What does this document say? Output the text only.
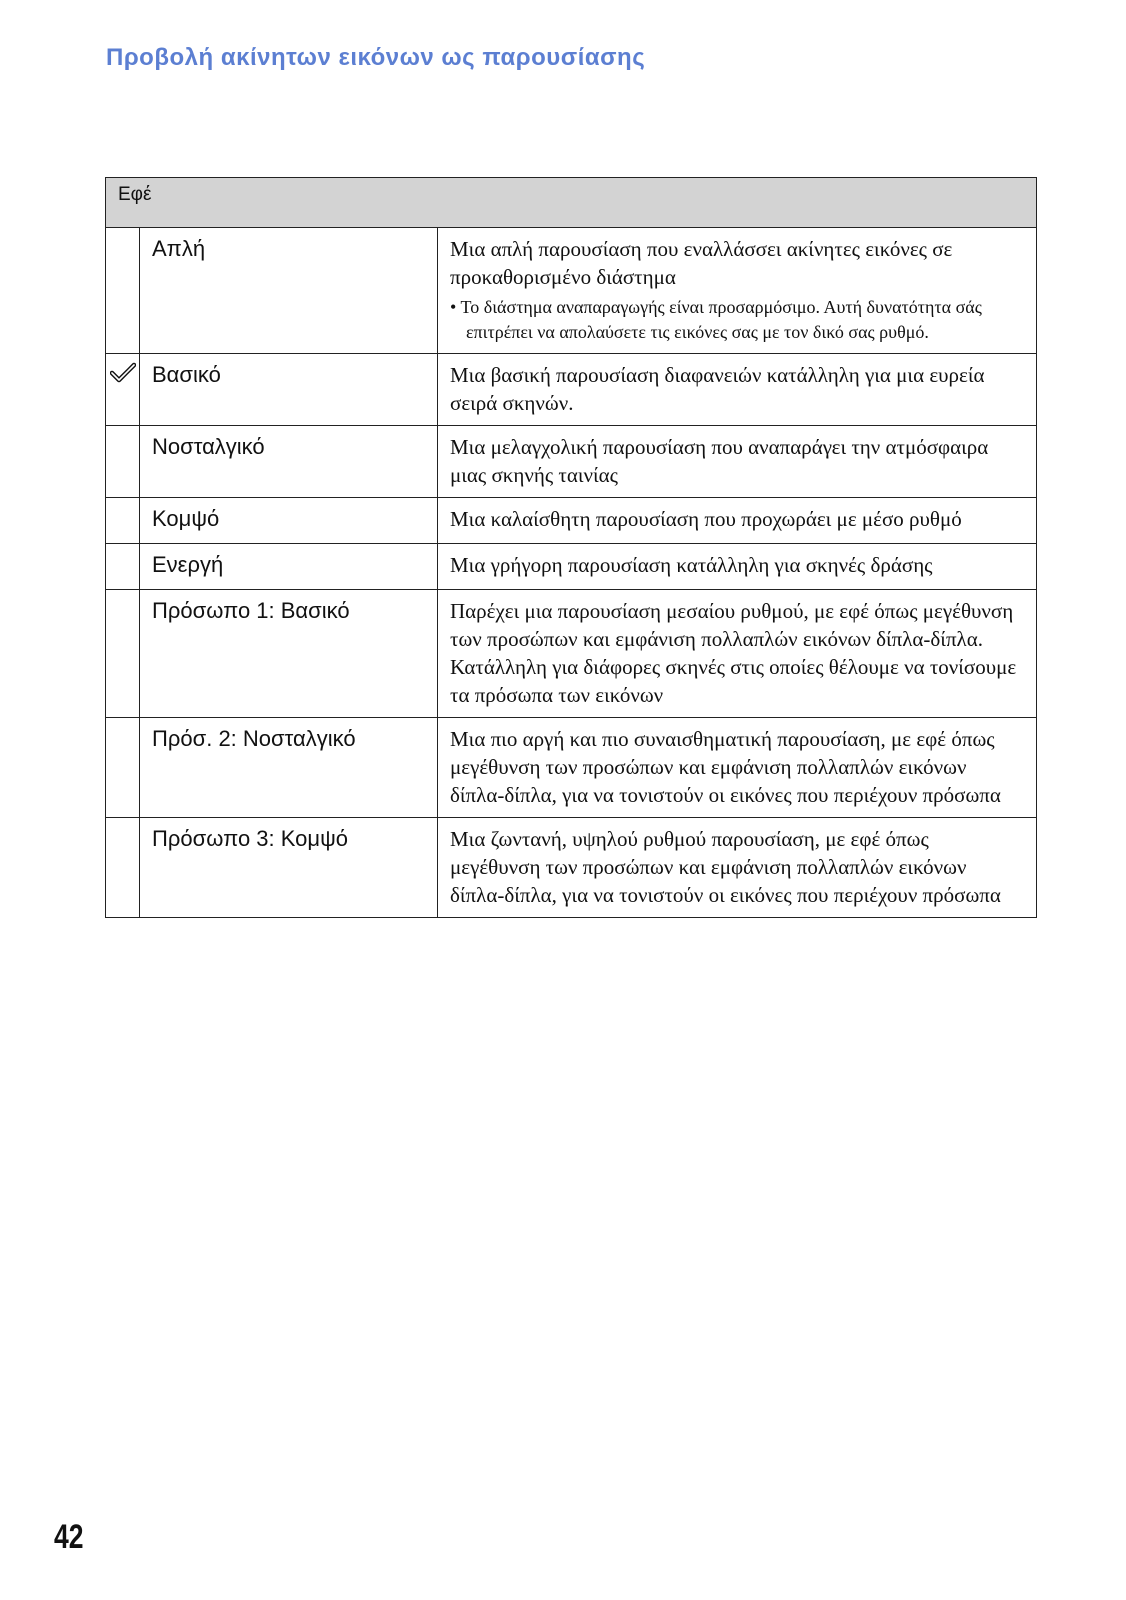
Προβολή ακίνητων εικόνων ως παρουσίασης
Εφέ		
	Απλή	Μια απλή παρουσίαση που εναλλάσσει ακίνητες εικόνες σε προκαθορισμένο διάστημα
• Το διάστημα αναπαραγωγής είναι προσαρμόσιμο. Αυτή δυνατότητα σάς επιτρέπει να απολαύσετε τις εικόνες σας με τον δικό σας ρυθμό.

	Βασικό	Μια βασική παρουσίαση διαφανειών κατάλληλη για μια ευρεία σειρά σκηνών.
	Νοσταλγικό	Μια μελαγχολική παρουσίαση που αναπαράγει την ατμόσφαιρα μιας σκηνής ταινίας
	Κομψό	Μια καλαίσθητη παρουσίαση που προχωράει με μέσο ρυθμό
	Ενεργή	Μια γρήγορη παρουσίαση κατάλληλη για σκηνές δράσης
	Πρόσωπο 1: Βασικό	Παρέχει μια παρουσίαση μεσαίου ρυθμού, με εφέ όπως μεγέθυνση των προσώπων και εμφάνιση πολλαπλών εικόνων δίπλα-δίπλα. Κατάλληλη για διάφορες σκηνές στις οποίες θέλουμε να τονίσουμε τα πρόσωπα των εικόνων
	Πρόσ. 2: Νοσταλγικό	Μια πιο αργή και πιο συναισθηματική παρουσίαση, με εφέ όπως μεγέθυνση των προσώπων και εμφάνιση πολλαπλών εικόνων δίπλα-δίπλα, για να τονιστούν οι εικόνες που περιέχουν πρόσωπα
	Πρόσωπο 3: Κομψό	Μια ζωντανή, υψηλού ρυθμού παρουσίαση, με εφέ όπως μεγέθυνση των προσώπων και εμφάνιση πολλαπλών εικόνων δίπλα-δίπλα, για να τονιστούν οι εικόνες που περιέχουν πρόσωπα
42
